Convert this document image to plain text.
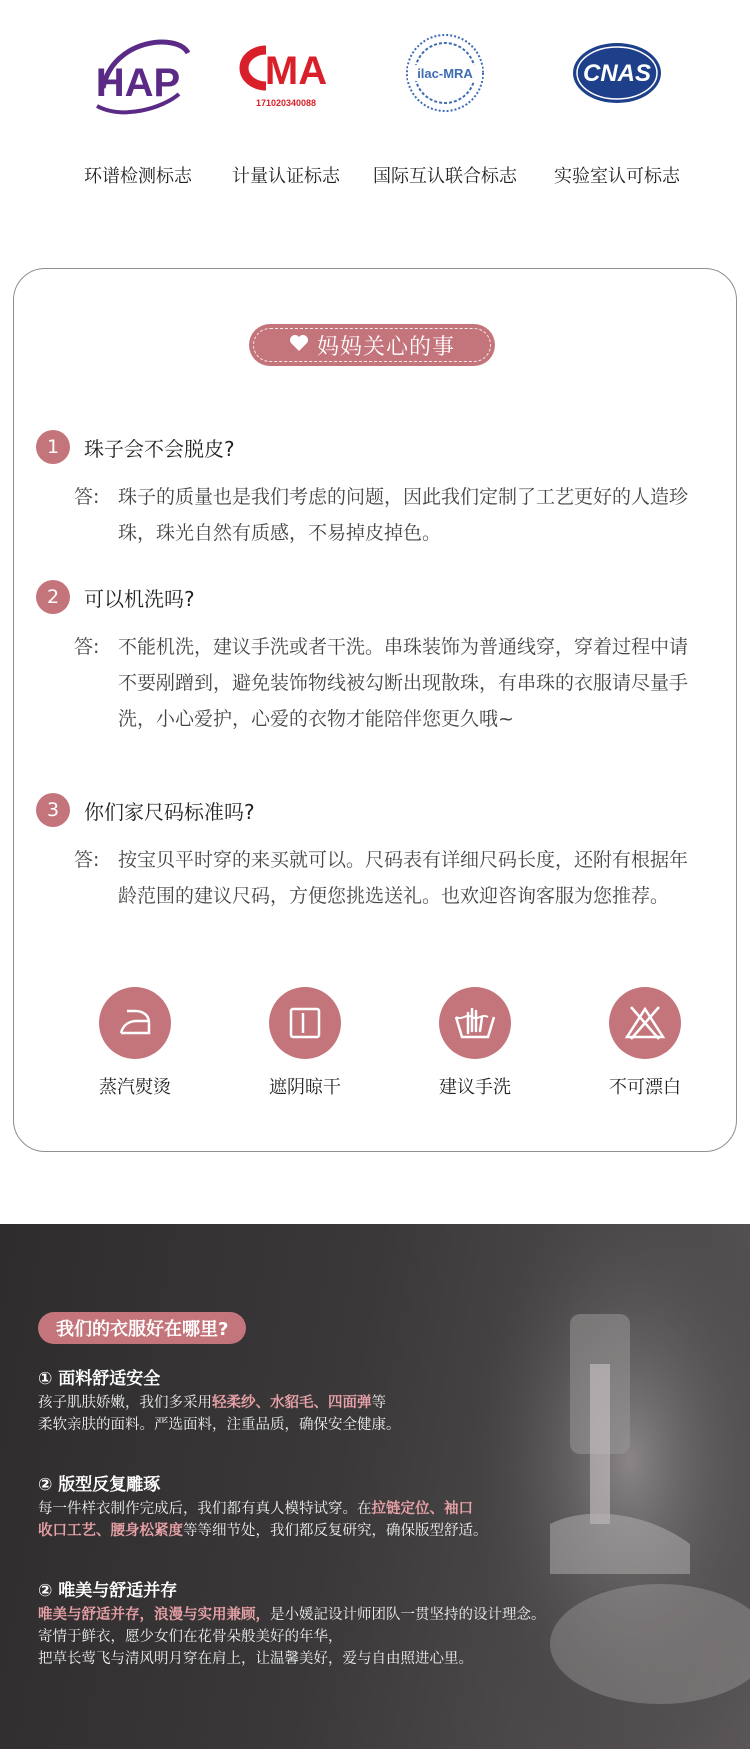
HAP
环谱检测标志
MA
171020340088
计量认证标志
ilac-MRA
国际互认联合标志
CNAS
实验室认可标志
妈妈关心的事
1	珠子会不会脱皮?
答: 珠子的质量也是我们考虑的问题，因此我们定制了工艺更好的人造珍珠，珠光自然有质感，不易掉皮掉色。
2	可以机洗吗?
答: 不能机洗，建议手洗或者干洗。串珠装饰为普通线穿，穿着过程中请不要剐蹭到，避免装饰物线被勾断出现散珠，有串珠的衣服请尽量手洗，小心爱护，心爱的衣物才能陪伴您更久哦~
3	你们家尺码标准吗?
答: 按宝贝平时穿的来买就可以。尺码表有详细尺码长度，还附有根据年龄范围的建议尺码，方便您挑选送礼。也欢迎咨询客服为您推荐。
蒸汽熨烫	遮阴晾干	建议手洗	不可漂白
我们的衣服好在哪里?
① 面料舒适安全
孩子肌肤娇嫩，我们多采用轻柔纱、水貂毛、四面弹等
柔软亲肤的面料。严选面料，注重品质，确保安全健康。
② 版型反复雕琢
每一件样衣制作完成后，我们都有真人模特试穿。在拉链定位、袖口
收口工艺、腰身松紧度等等细节处，我们都反复研究，确保版型舒适。
② 唯美与舒适并存
唯美与舒适并存，浪漫与实用兼顾，是小媛記设计师团队一贯坚持的设计理念。
寄情于鲜衣，愿少女们在花骨朵般美好的年华，
把草长莺飞与清风明月穿在肩上，让温馨美好，爱与自由照进心里。
